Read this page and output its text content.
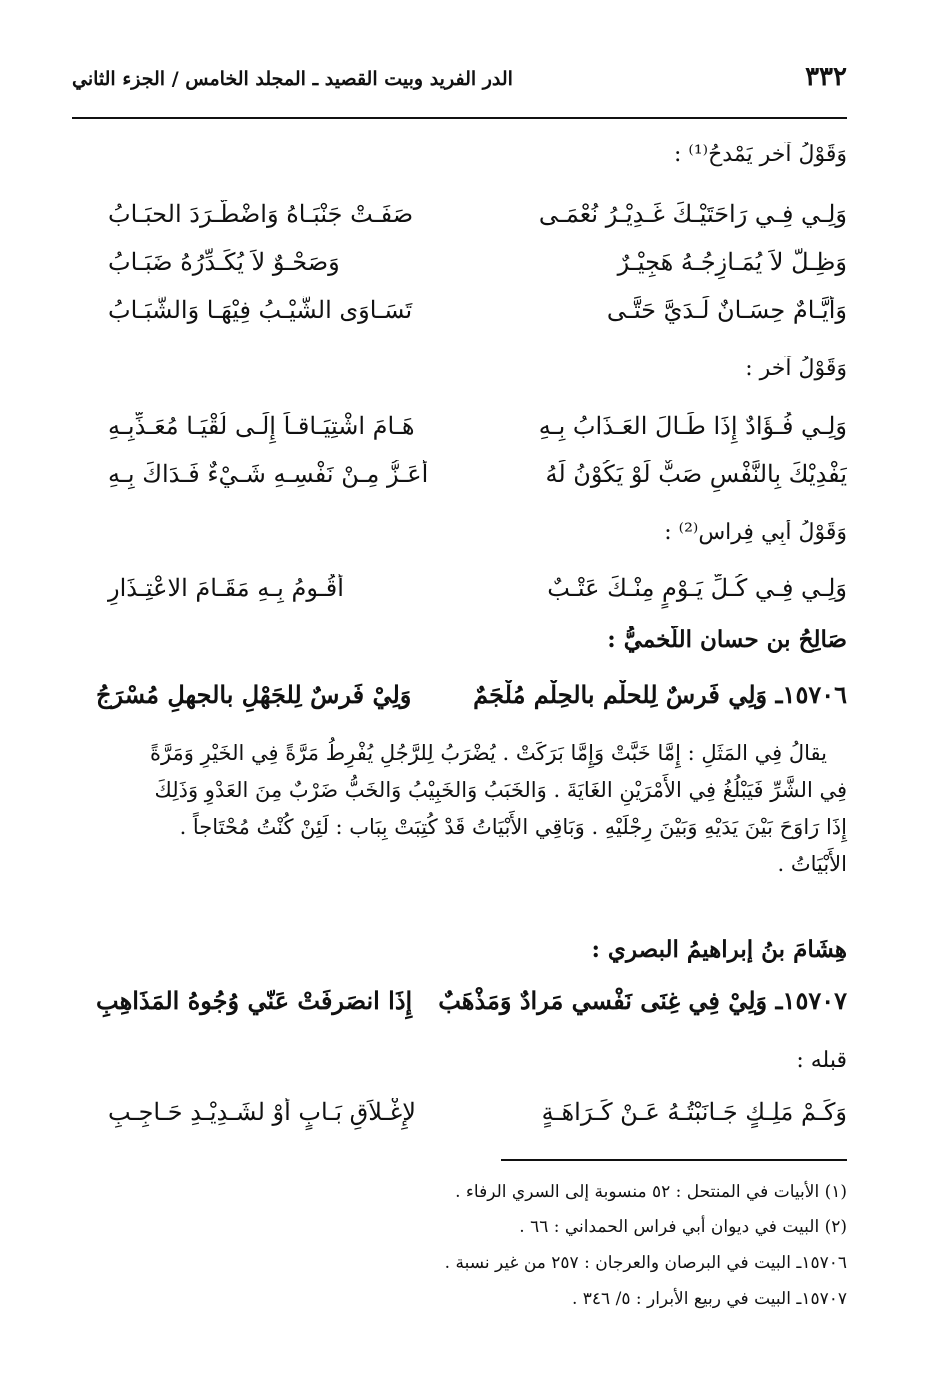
٣٣٢
الدر الفريد وبيت القصيد ـ المجلد الخامس / الجزء الثاني
وَقَوْلُ آخر يَمْدحُ⁽¹⁾ :
وَلِـي فِـي رَاحَتَيْـكَ غَـدِيْـرُ نُعْمَـى
صَفَـتْ جَنْبَـاهُ وَاضْطَّـرَدَ الحبَـابُ
وَظِـلٌّ لاَ يُمَـازِجُـهُ هَجِيْـرٌ
وَصَحْـوٌ لاَ يُكَـدِّرُهُ ضَبَـابُ
وَأَيَّـامٌ حِسَـانٌ لَـدَيَّ حَتَّـى
تَسَـاوَى الشَّيْـبُ فِيْهَـا وَالشَّبَـابُ
وَقَوْلُ آخر :
وَلِـي فُـؤَادٌ إِذَا طَـالَ العَـذَابُ بِـهِ
هَـامَ اشْتِيَـاقـاً إِلَـى لُقْيَـا مُعَـذِّبِـهِ
يَفْدِيْكَ بِالنَّفْسِ صَبٌّ لَوْ يَكُوْنُ لَهُ
أَعَـزُّ مِـنْ نَفْسِـهِ شَـيْءٌ فَـدَاكَ بِـهِ
وَقَوْلُ أَبِي فِراسٍ⁽²⁾ :
وَلِـي فِـي كُـلِّ يَـوْمٍ مِنْـكَ عَتْـبٌ
أَقُـومُ بِـهِ مَقَـامَ الاعْتِـذَارِ
صَالِحُ بن حسان اللَّخميُّ :
١٥٧٠٦ـ وَلِي فَرسٌ لِلحلْم بالحِلْم مُلْجَمٌ
وَلِيْ فَرسٌ لِلجَهْلِ بالجهلِ مُسْرَجُ

يقالُ فِي المَثَلِ : إِمَّا خَبَّتْ وَإِمَّا بَرَكَتْ . يُضْرَبُ لِلرَّجُلِ يُفْرِطُ مَرَّةً فِي الخَيْرِ وَمَرَّةً

فِي الشَّرِّ فَيَبْلُغُ فِي الأَمْرَيْنِ الغَايَةَ . وَالخَبَبُ وَالخَبِيْبُ وَالخَبُّ ضَرْبٌ مِنَ العَدْوِ وَذَلِكَ

إِذَا رَاوَحَ بَيْنَ يَدَيْهِ وَبَيْنَ رِجْلَيْهِ . وَبَاقِي الأَبْيَاتُ قَدْ كُتِبَتْ بِبَاب : لَئِنْ كُنْتُ مُحْتَاجاً .

الأَبْيَاتُ .

هِشَامَ بنُ إبراهيمُ البصري :
١٥٧٠٧ـ وَلِيْ فِي غِنَى نَفْسي مَرادٌ وَمَذْهَبٌ
إِذَا انصَرفَتْ عَنّي وُجُوهُ المَذَاهِبِ
قبله :
وَكَـمْ مَلِـكٍ جَـانَبْتُـهُ عَـنْ كَـرَاهَـةٍ
لإِغْـلاَقِ بَـابٍ أَوْ لشَـدِيْـدِ حَـاجِـبِ
(١) الأبيات في المنتحل : ٥٢ منسوبة إلى السري الرفاء .
(٢) البيت في ديوان أبي فراس الحمداني : ٦٦ .
١٥٧٠٦ـ البيت في البرصان والعرجان : ٢٥٧ من غير نسبة .
١٥٧٠٧ـ البيت في ربيع الأبرار : ٥/ ٣٤٦ .
